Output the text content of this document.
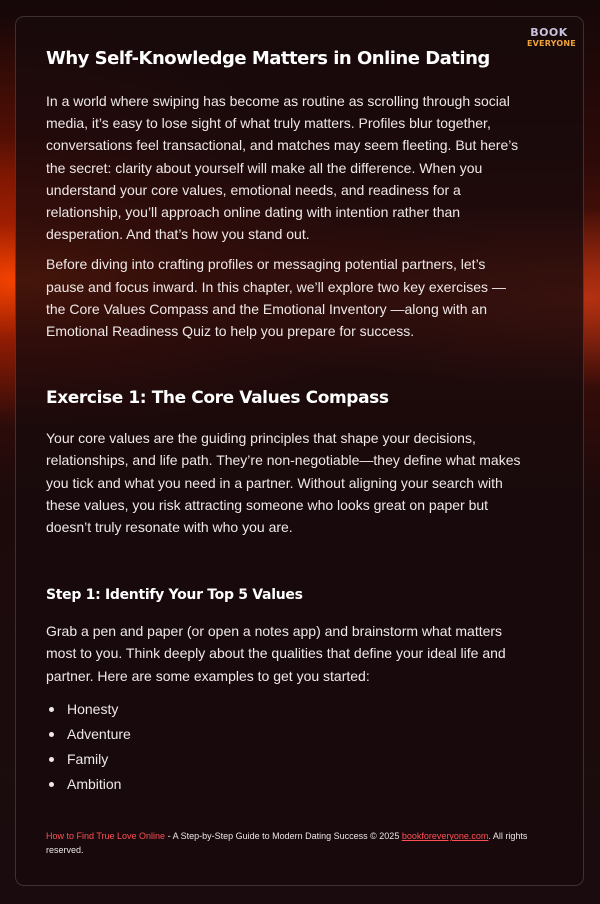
BOOK
EVERYONE
Why Self-Knowledge Matters in Online Dating

In a world where swiping has become as routine as scrolling through social media, it’s easy to lose sight of what truly matters. Profiles blur together, conversations feel transactional, and matches may seem fleeting. But here’s the secret: clarity about yourself will make all the difference. When you understand your core values, emotional needs, and readiness for a relationship, you’ll approach online dating with intention rather than desperation. And that’s how you stand out.

Before diving into crafting profiles or messaging potential partners, let’s pause and focus inward. In this chapter, we’ll explore two key exercises —the Core Values Compass and the Emotional Inventory —along with an Emotional Readiness Quiz to help you prepare for success.

Exercise 1: The Core Values Compass

Your core values are the guiding principles that shape your decisions, relationships, and life path. They’re non-negotiable—they define what makes you tick and what you need in a partner. Without aligning your search with these values, you risk attracting someone who looks great on paper but doesn’t truly resonate with who you are.

Step 1: Identify Your Top 5 Values

Grab a pen and paper (or open a notes app) and brainstorm what matters most to you. Think deeply about the qualities that define your ideal life and partner. Here are some examples to get you started:

Honesty
Adventure
Family
Ambition
How to Find True Love Online - A Step-by-Step Guide to Modern Dating Success © 2025 bookforeveryone.com. All rights reserved.
